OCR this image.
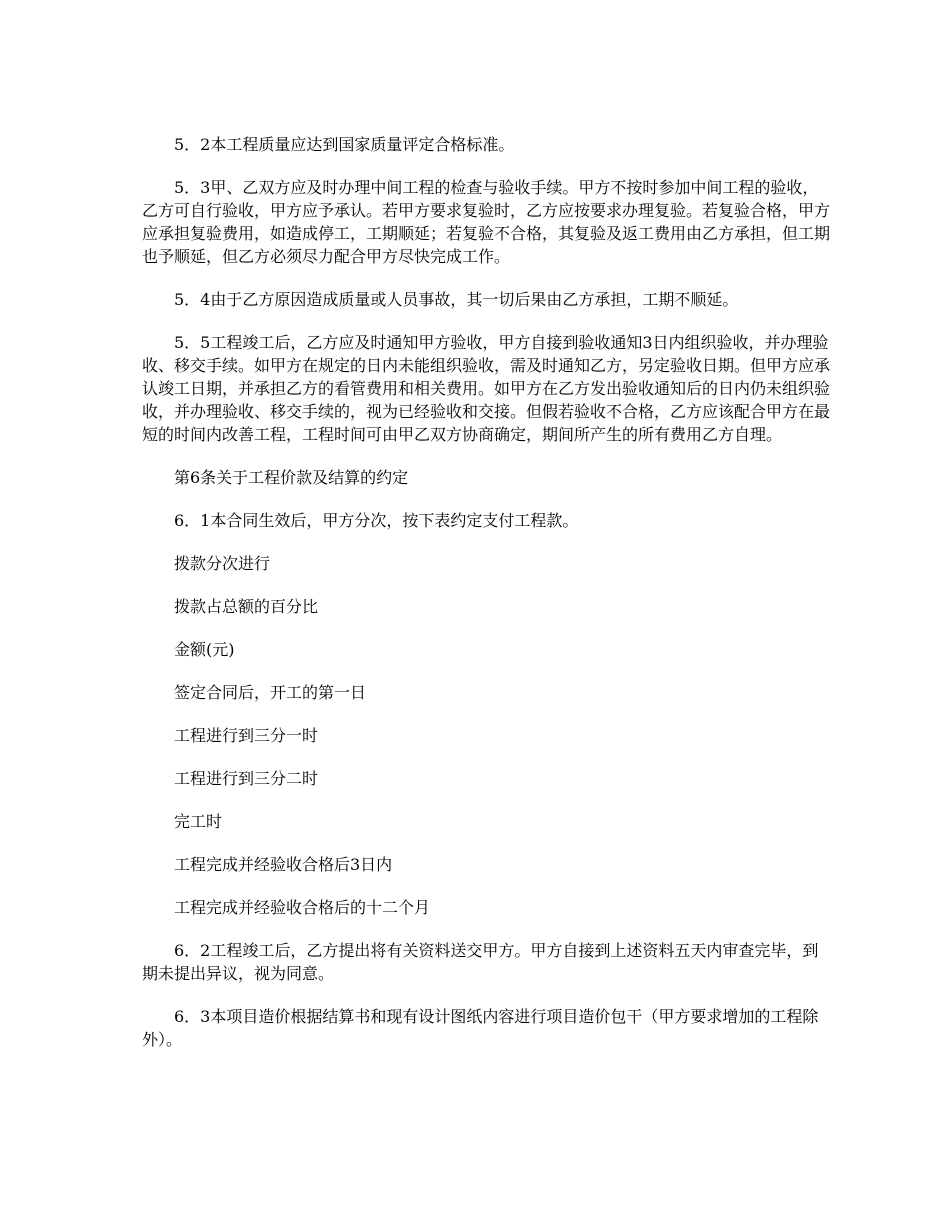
5．2本工程质量应达到国家质量评定合格标准。

5．3甲、乙双方应及时办理中间工程的检查与验收手续。甲方不按时参加中间工程的验收，乙方可自行验收，甲方应予承认。若甲方要求复验时，乙方应按要求办理复验。若复验合格，甲方应承担复验费用，如造成停工，工期顺延；若复验不合格，其复验及返工费用由乙方承担，但工期也予顺延，但乙方必须尽力配合甲方尽快完成工作。

5．4由于乙方原因造成质量或人员事故，其一切后果由乙方承担，工期不顺延。

5．5工程竣工后，乙方应及时通知甲方验收，甲方自接到验收通知3日内组织验收，并办理验收、移交手续。如甲方在规定的日内未能组织验收，需及时通知乙方，另定验收日期。但甲方应承认竣工日期，并承担乙方的看管费用和相关费用。如甲方在乙方发出验收通知后的日内仍未组织验收，并办理验收、移交手续的，视为已经验收和交接。但假若验收不合格，乙方应该配合甲方在最短的时间内改善工程，工程时间可由甲乙双方协商确定，期间所产生的所有费用乙方自理。

第6条关于工程价款及结算的约定

6．1本合同生效后，甲方分次，按下表约定支付工程款。

拨款分次进行

拨款占总额的百分比

金额(元)

签定合同后，开工的第一日

工程进行到三分一时

工程进行到三分二时

完工时

工程完成并经验收合格后3日内

工程完成并经验收合格后的十二个月

6．2工程竣工后，乙方提出将有关资料送交甲方。甲方自接到上述资料五天内审查完毕，到期未提出异议，视为同意。

6．3本项目造价根据结算书和现有设计图纸内容进行项目造价包干（甲方要求增加的工程除外）。
